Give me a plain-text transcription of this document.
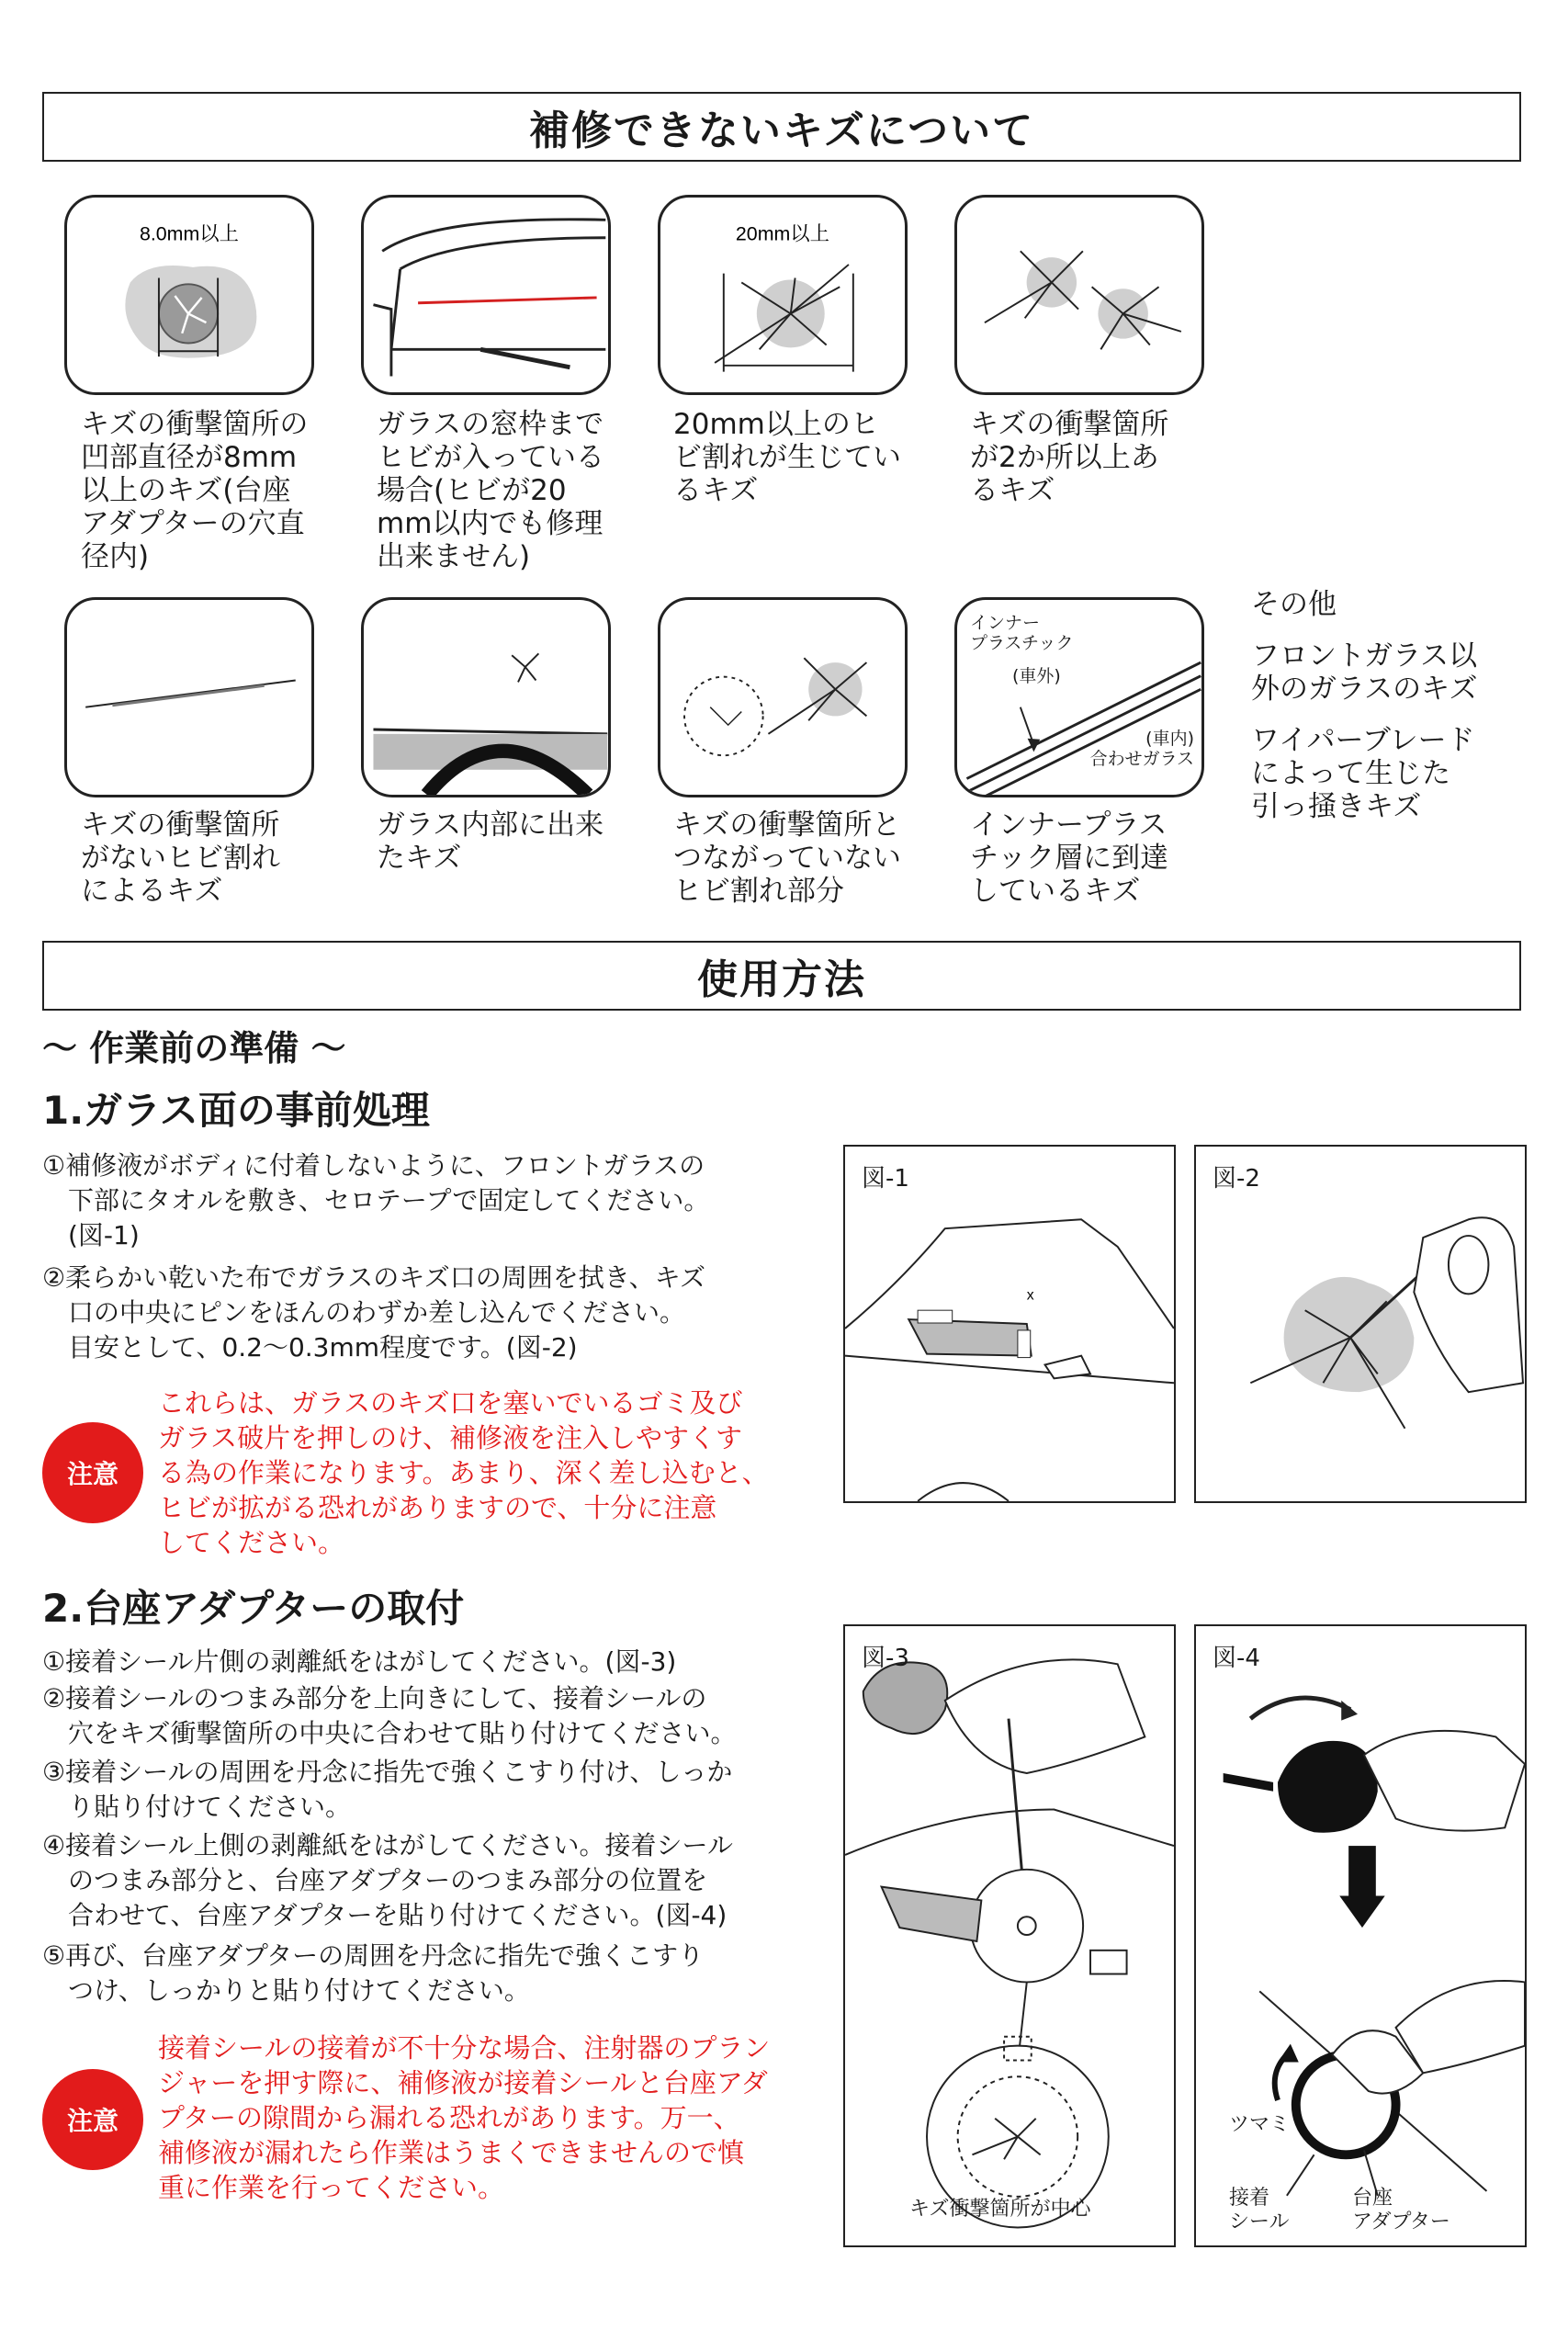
補修できないキズについて
8.0mm以上	20mm以上
キズの衝撃箇所の
凹部直径が8mm
以上のキズ(台座
アダプターの穴直
径内)
ガラスの窓枠まで
ヒビが入っている
場合(ヒビが20
mm以内でも修理
出来ません)
20mm以上のヒ
ビ割れが生じてい
るキズ
キズの衝撃箇所
が2か所以上あ
るキズ
インナー
プラスチック
(車外)
(車内)
合わせガラス
キズの衝撃箇所
がないヒビ割れ
によるキズ
ガラス内部に出来
たキズ
キズの衝撃箇所と
つながっていない
ヒビ割れ部分
インナープラス
チック層に到達
しているキズ
その他
フロントガラス以
外のガラスのキズ
ワイパーブレード
によって生じた
引っ掻きキズ
使用方法
〜 作業前の準備 〜
1.ガラス面の事前処理
①補修液がボディに付着しないように、フロントガラスの
　下部にタオルを敷き、セロテープで固定してください。
　(図-1)
②柔らかい乾いた布でガラスのキズ口の周囲を拭き、キズ
　口の中央にピンをほんのわずか差し込んでください。
　目安として、0.2〜0.3mm程度です。(図-2)
注意
これらは、ガラスのキズ口を塞いでいるゴミ及び
ガラス破片を押しのけ、補修液を注入しやすくす
る為の作業になります。あまり、深く差し込むと、
ヒビが拡がる恐れがありますので、十分に注意
してください。
2.台座アダプターの取付
①接着シール片側の剥離紙をはがしてください。(図-3)
②接着シールのつまみ部分を上向きにして、接着シールの
　穴をキズ衝撃箇所の中央に合わせて貼り付けてください。
③接着シールの周囲を丹念に指先で強くこすり付け、しっか
　り貼り付けてください。
④接着シール上側の剥離紙をはがしてください。接着シール
　のつまみ部分と、台座アダプターのつまみ部分の位置を
　合わせて、台座アダプターを貼り付けてください。(図-4)
⑤再び、台座アダプターの周囲を丹念に指先で強くこすり
　つけ、しっかりと貼り付けてください。
注意
接着シールの接着が不十分な場合、注射器のプラン
ジャーを押す際に、補修液が接着シールと台座アダ
プターの隙間から漏れる恐れがあります。万一、
補修液が漏れたら作業はうまくできませんので慎
重に作業を行ってください。
x
図-1	図-2
図-3
キズ衝撃箇所が中心
図-4
ツマミ
接着
シール
台座
アダプター
